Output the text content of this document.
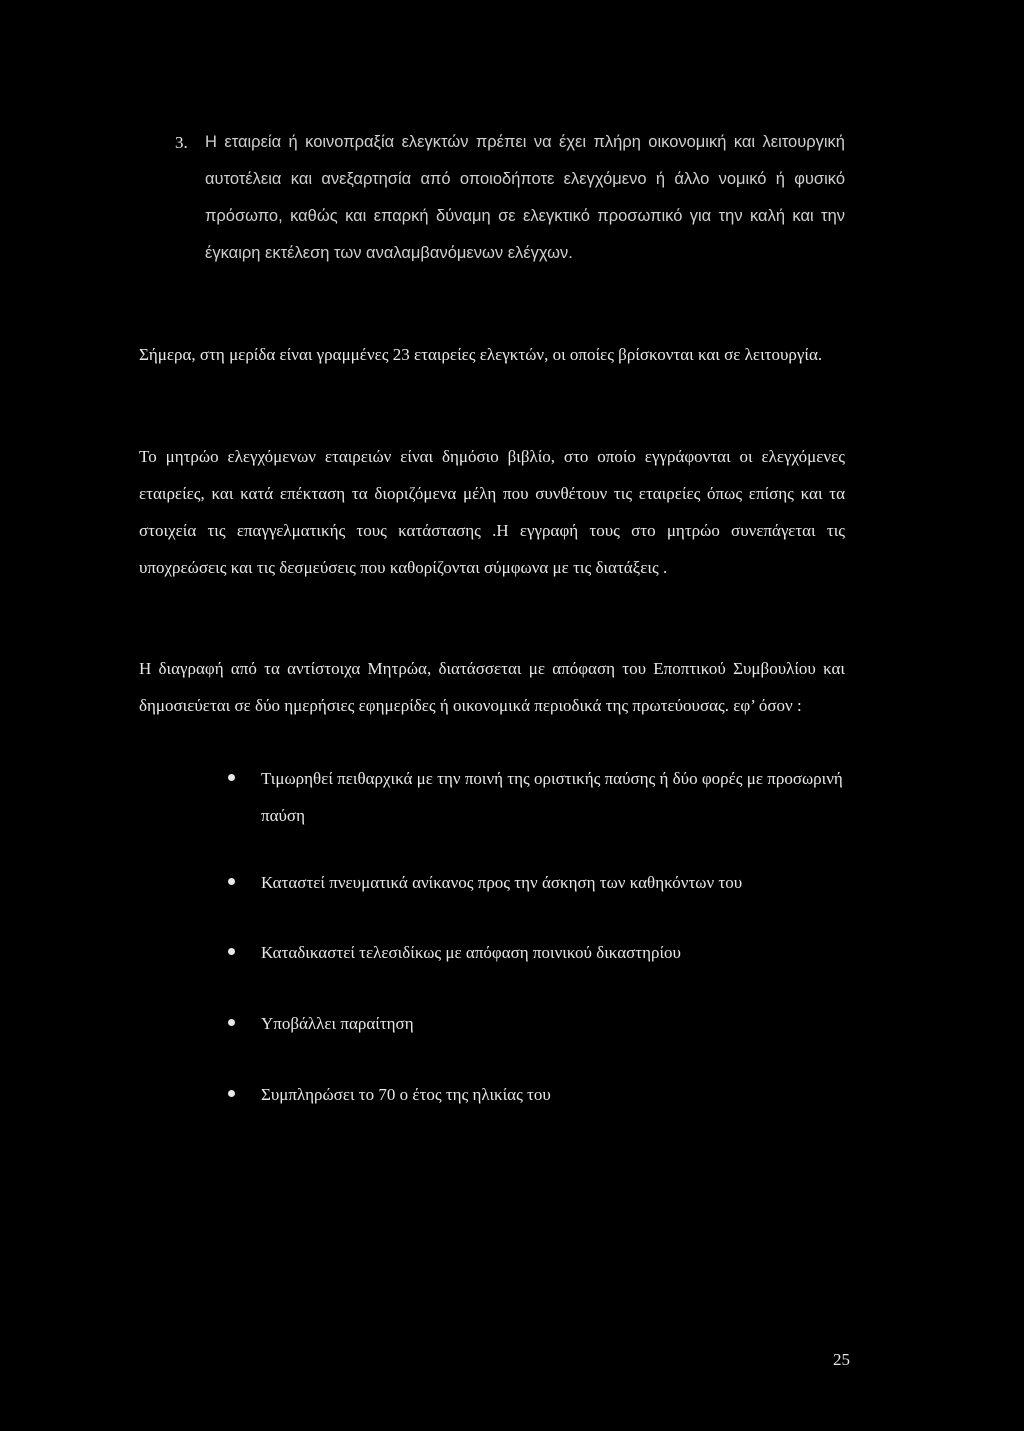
3.	Η εταιρεία ή κοινοπραξία ελεγκτών πρέπει να έχει πλήρη οικονομική και λειτουργική αυτοτέλεια και ανεξαρτησία από οποιοδήποτε ελεγχόμενο ή άλλο νομικό ή φυσικό πρόσωπο, καθώς και επαρκή δύναμη σε ελεγκτικό προσωπικό για την καλή και την έγκαιρη εκτέλεση των αναλαμβανόμενων ελέγχων.
Σήμερα, στη μερίδα είναι γραμμένες 23 εταιρείες ελεγκτών, οι οποίες βρίσκονται και σε λειτουργία.
Το μητρώο ελεγχόμενων εταιρειών είναι δημόσιο βιβλίο, στο οποίο εγγράφονται οι ελεγχόμενες εταιρείες, και κατά επέκταση τα διοριζόμενα μέλη που συνθέτουν τις εταιρείες όπως επίσης και τα στοιχεία τις επαγγελματικής τους κατάστασης .Η εγγραφή τους στο μητρώο συνεπάγεται τις υποχρεώσεις και τις δεσμεύσεις που καθορίζονται σύμφωνα με τις διατάξεις .
Η διαγραφή από τα αντίστοιχα Μητρώα, διατάσσεται με απόφαση του Εποπτικού Συμβουλίου και δημοσιεύεται σε δύο ημερήσιες εφημερίδες ή οικονομικά περιοδικά της πρωτεύουσας. εφ’ όσον :
Τιμωρηθεί πειθαρχικά με την ποινή της οριστικής παύσης ή δύο φορές με προσωρινή παύση
Καταστεί πνευματικά ανίκανος προς την άσκηση των καθηκόντων του
Καταδικαστεί τελεσιδίκως με απόφαση ποινικού δικαστηρίου
Υποβάλλει παραίτηση
Συμπληρώσει το 70 ο έτος της ηλικίας του
25
